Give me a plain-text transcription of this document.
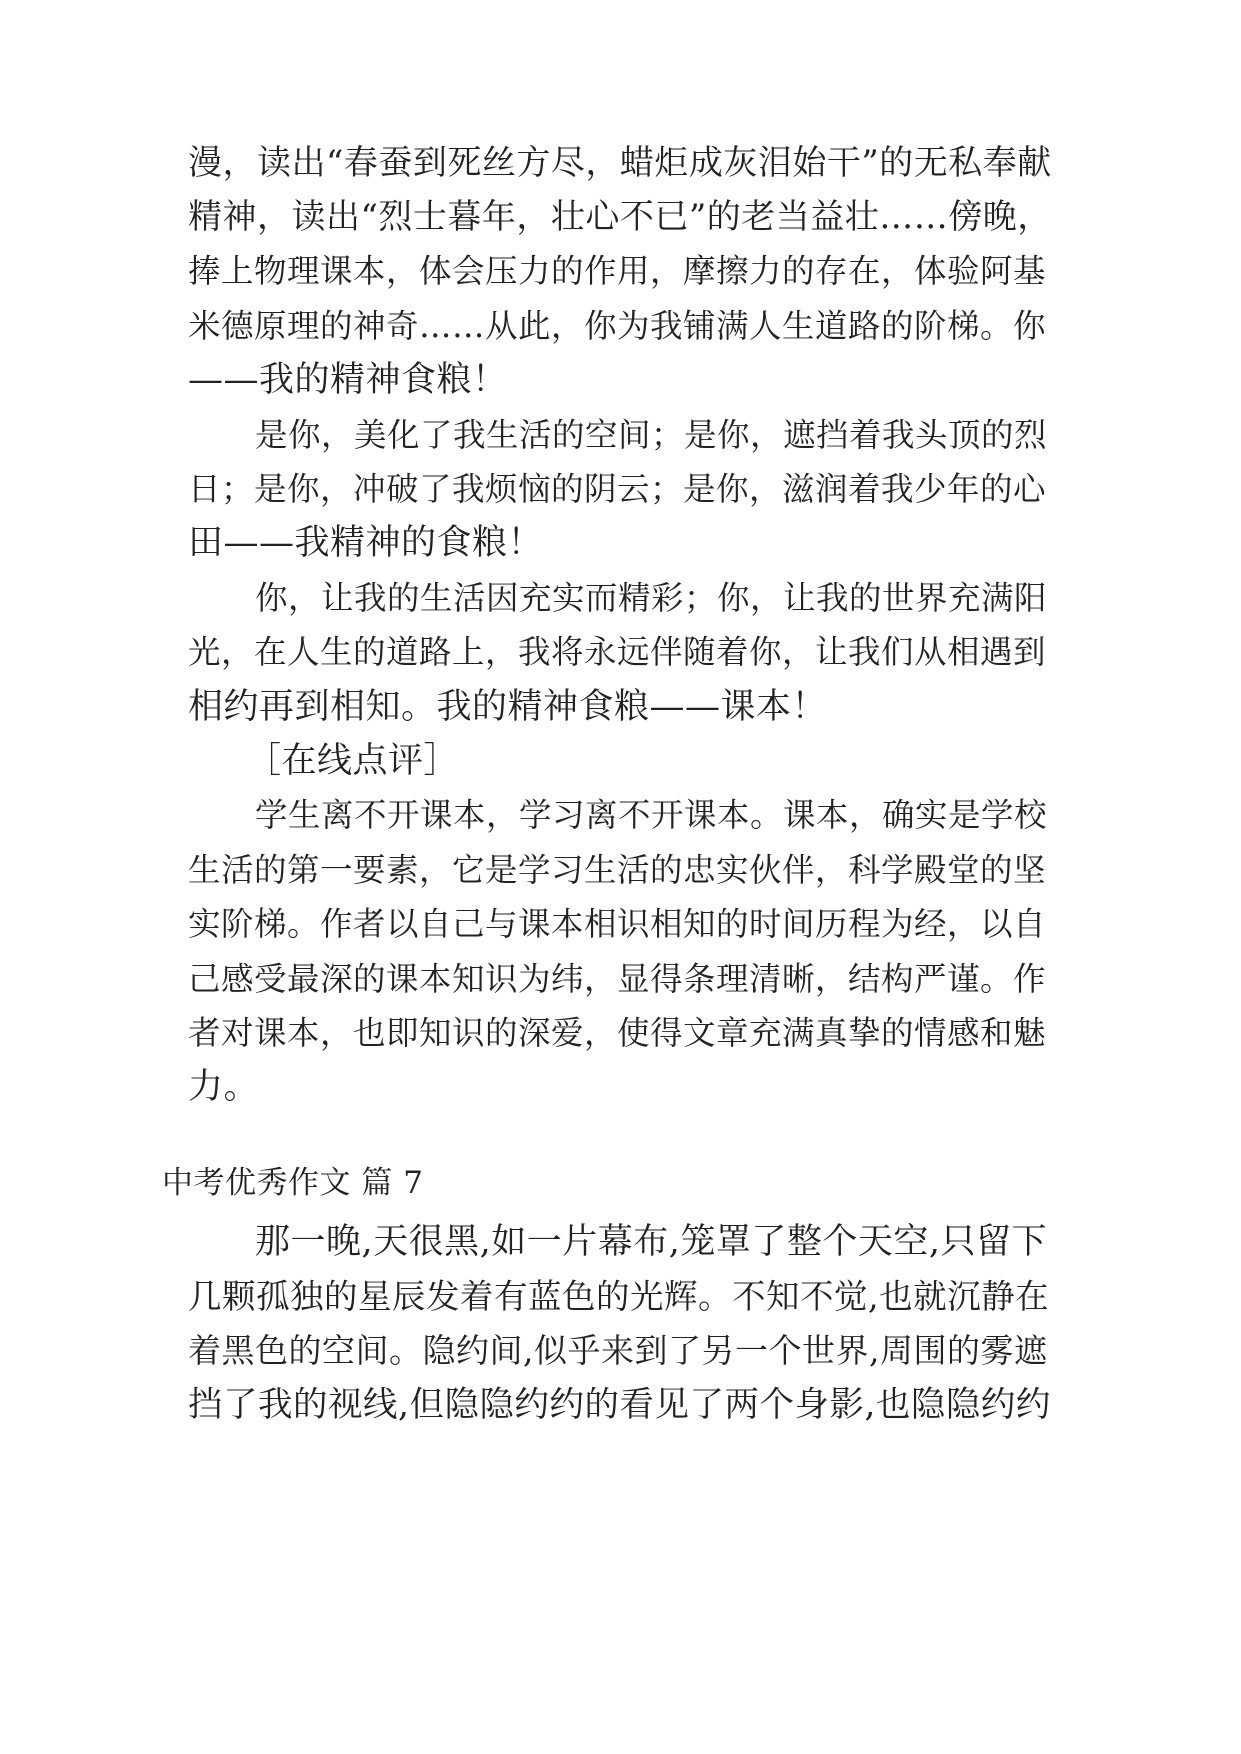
漫，读出“春蚕到死丝方尽，蜡炬成灰泪始干”的无私奉献
精神，读出“烈士暮年，壮心不已”的老当益壮……傍晚，
捧上物理课本，体会压力的作用，摩擦力的存在，体验阿基
米德原理的神奇……从此，你为我铺满人生道路的阶梯。你
——我的精神食粮！
是你，美化了我生活的空间；是你，遮挡着我头顶的烈
日；是你，冲破了我烦恼的阴云；是你，滋润着我少年的心
田——我精神的食粮！
你，让我的生活因充实而精彩；你，让我的世界充满阳
光，在人生的道路上，我将永远伴随着你，让我们从相遇到
相约再到相知。我的精神食粮——课本！
［在线点评］
学生离不开课本，学习离不开课本。课本，确实是学校
生活的第一要素，它是学习生活的忠实伙伴，科学殿堂的坚
实阶梯。作者以自己与课本相识相知的时间历程为经，以自
己感受最深的课本知识为纬，显得条理清晰，结构严谨。作
者对课本，也即知识的深爱，使得文章充满真挚的情感和魅
力。
中考优秀作文 篇 7
那一晚,天很黑,如一片幕布,笼罩了整个天空,只留下
几颗孤独的星辰发着有蓝色的光辉。不知不觉,也就沉静在
着黑色的空间。隐约间,似乎来到了另一个世界,周围的雾遮
挡了我的视线,但隐隐约约的看见了两个身影,也隐隐约约
